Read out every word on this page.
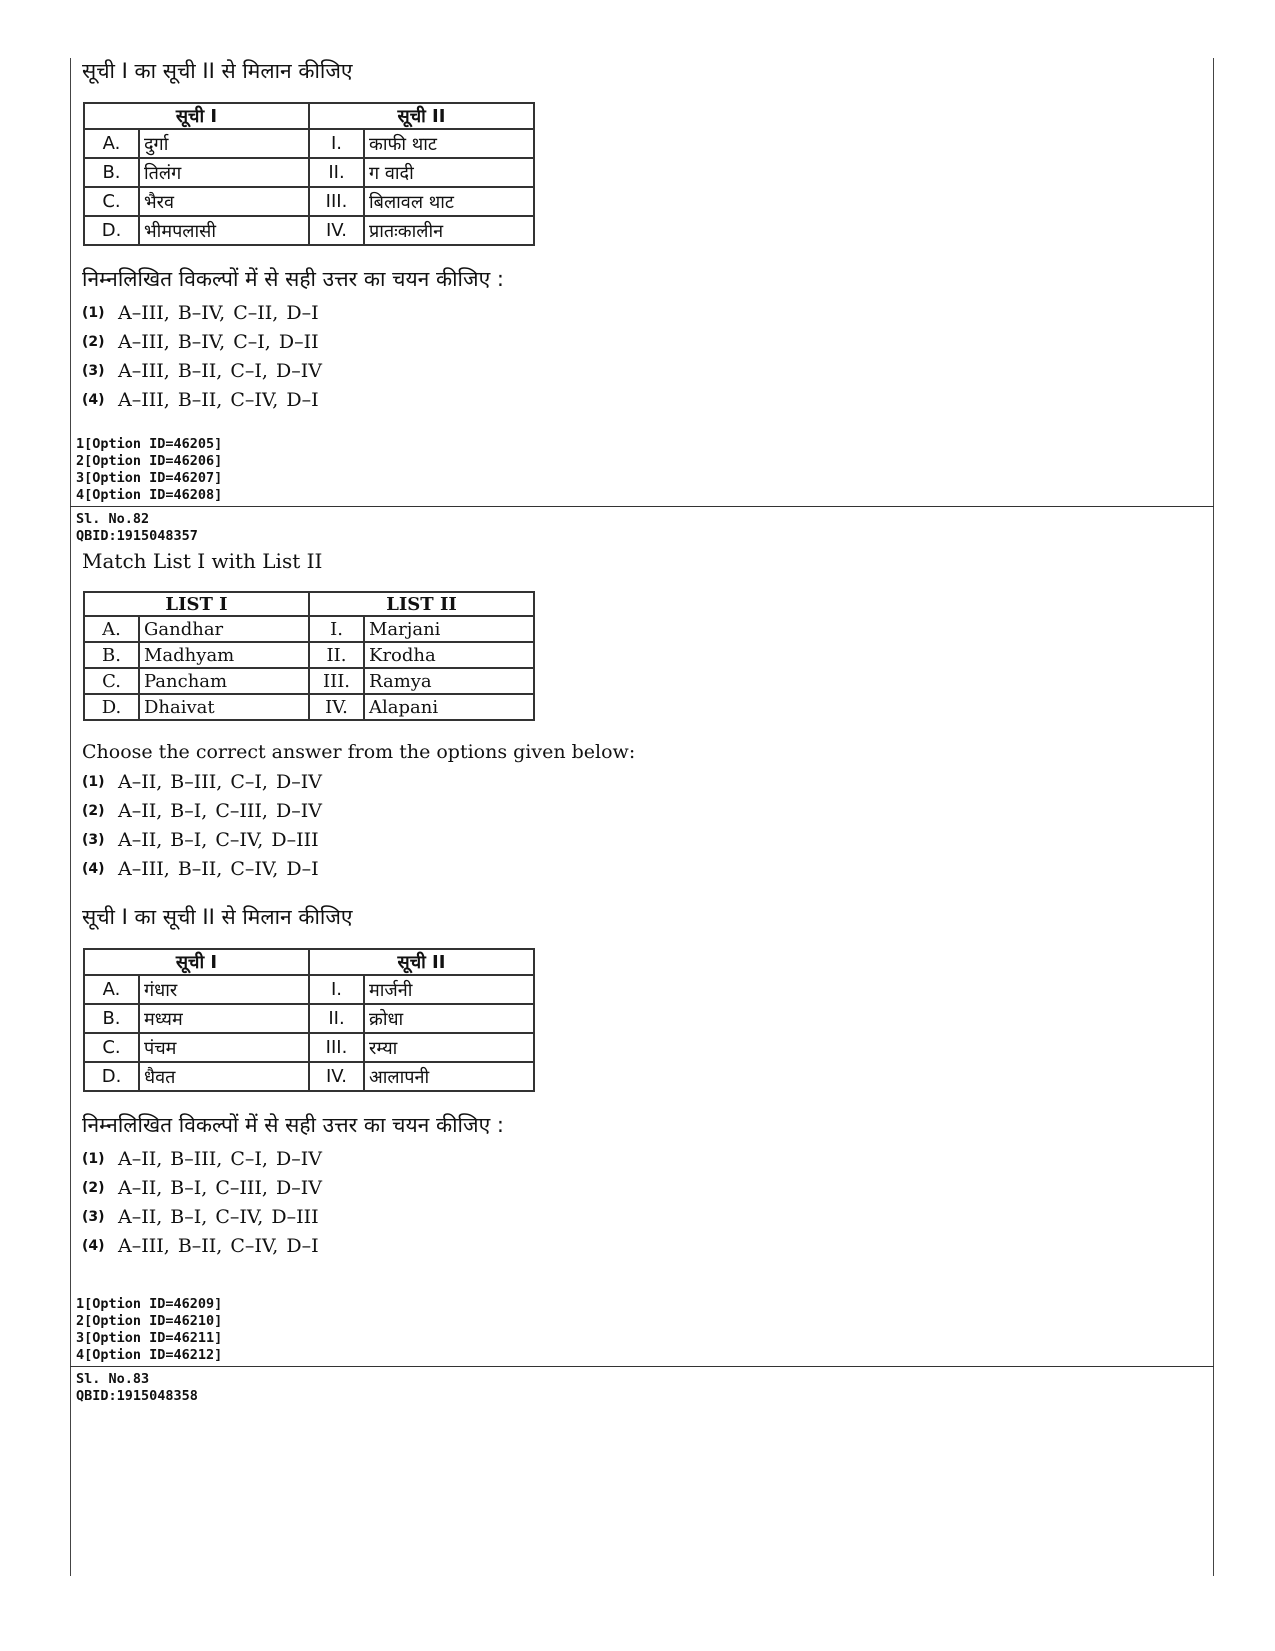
सूची I का सूची II से मिलान कीजिए
सूची I		सूची II	
A.	दुर्गा	I.	काफी थाट
B.	तिलंग	II.	ग वादी
C.	भैरव	III.	बिलावल थाट
D.	भीमपलासी	IV.	प्रातःकालीन
निम्नलिखित विकल्पों में से सही उत्तर का चयन कीजिए :
(1) A–III, B–IV, C–II, D–I
(2) A–III, B–IV, C–I, D–II
(3) A–III, B–II, C–I, D–IV
(4) A–III, B–II, C–IV, D–I
1[Option ID=46205]
2[Option ID=46206]
3[Option ID=46207]
4[Option ID=46208]
Sl. No.82
QBID:1915048357
Match List I with List II
LIST I		LIST II	
A.	Gandhar	I.	Marjani
B.	Madhyam	II.	Krodha
C.	Pancham	III.	Ramya
D.	Dhaivat	IV.	Alapani
Choose the correct answer from the options given below:
(1) A–II, B–III, C–I, D–IV
(2) A–II, B–I, C–III, D–IV
(3) A–II, B–I, C–IV, D–III
(4) A–III, B–II, C–IV, D–I
सूची I का सूची II से मिलान कीजिए
सूची I		सूची II	
A.	गंधार	I.	मार्जनी
B.	मध्यम	II.	क्रोधा
C.	पंचम	III.	रम्या
D.	धैवत	IV.	आलापनी
निम्नलिखित विकल्पों में से सही उत्तर का चयन कीजिए :
(1) A–II, B–III, C–I, D–IV
(2) A–II, B–I, C–III, D–IV
(3) A–II, B–I, C–IV, D–III
(4) A–III, B–II, C–IV, D–I
1[Option ID=46209]
2[Option ID=46210]
3[Option ID=46211]
4[Option ID=46212]
Sl. No.83
QBID:1915048358
